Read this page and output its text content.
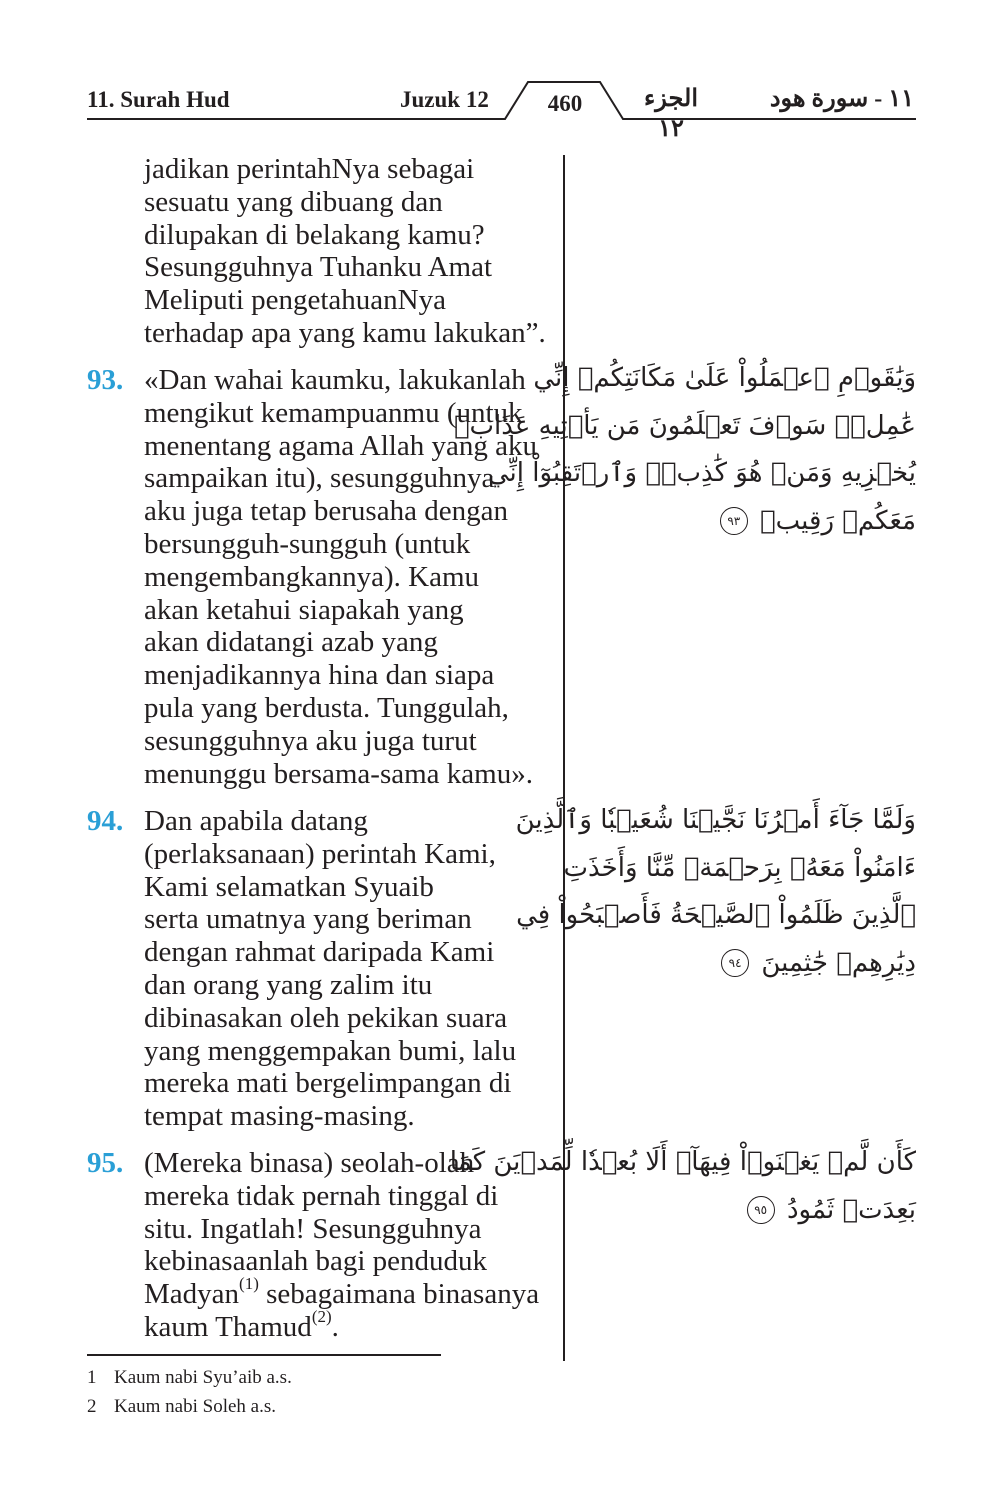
11. Surah Hud	Juzuk 12	460	الجزء ١٢
١١ - سورة هود
jadikan perintahNya sebagai
sesuatu yang dibuang dan
dilupakan di belakang kamu?
Sesungguhnya Tuhanku Amat
Meliputi pengetahuanNya
terhadap apa yang kamu lakukan”.
93. «Dan wahai kaumku, lakukanlah
mengikut kemampuanmu (untuk
menentang agama Allah yang aku
sampaikan itu), sesungguhnya
aku juga tetap berusaha dengan
bersungguh-sungguh (untuk
mengembangkannya). Kamu
akan ketahui siapakah yang
akan didatangi azab yang
menjadikannya hina dan siapa
pula yang berdusta. Tunggulah,
sesungguhnya aku juga turut
menunggu bersama-sama kamu».
94. Dan apabila datang
(perlaksanaan) perintah Kami,
Kami selamatkan Syuaib
serta umatnya yang beriman
dengan rahmat daripada Kami
dan orang yang zalim itu
dibinasakan oleh pekikan suara
yang menggempakan bumi, lalu
mereka mati bergelimpangan di
tempat masing-masing.
95. (Mereka binasa) seolah-olah
mereka tidak pernah tinggal di
situ. Ingatlah! Sesungguhnya
kebinasaanlah bagi penduduk
Madyan$^{(1)}$ sebagaimana binasanya
kaum Thamud$^{(2)}$.
وَيَٰقَوۡمِ ٱعۡمَلُواْ عَلَىٰ مَكَانَتِكُمۡ إِنِّي
عَٰمِلٞۖ سَوۡفَ تَعۡلَمُونَ مَن يَأۡتِيهِ عَذَابٞ
يُخۡزِيهِ وَمَنۡ هُوَ كَٰذِبٞۖ وَٱرۡتَقِبُوٓاْ إِنِّي
مَعَكُمۡ رَقِيبٞ ٩٣
وَلَمَّا جَآءَ أَمۡرُنَا نَجَّيۡنَا شُعَيۡبٗا وَٱلَّذِينَ
ءَامَنُواْ مَعَهُۥ بِرَحۡمَةٖ مِّنَّا وَأَخَذَتِ
ٱلَّذِينَ ظَلَمُواْ ٱلصَّيۡحَةُ فَأَصۡبَحُواْ فِي
دِيَٰرِهِمۡ جَٰثِمِينَ ٩٤
كَأَن لَّمۡ يَغۡنَوۡاْ فِيهَآۗ أَلَا بُعۡدٗا لِّمَدۡيَنَ كَمَا
بَعِدَتۡ ثَمُودُ ٩٥
1 Kaum nabi Syu’aib a.s.
2 Kaum nabi Soleh a.s.
